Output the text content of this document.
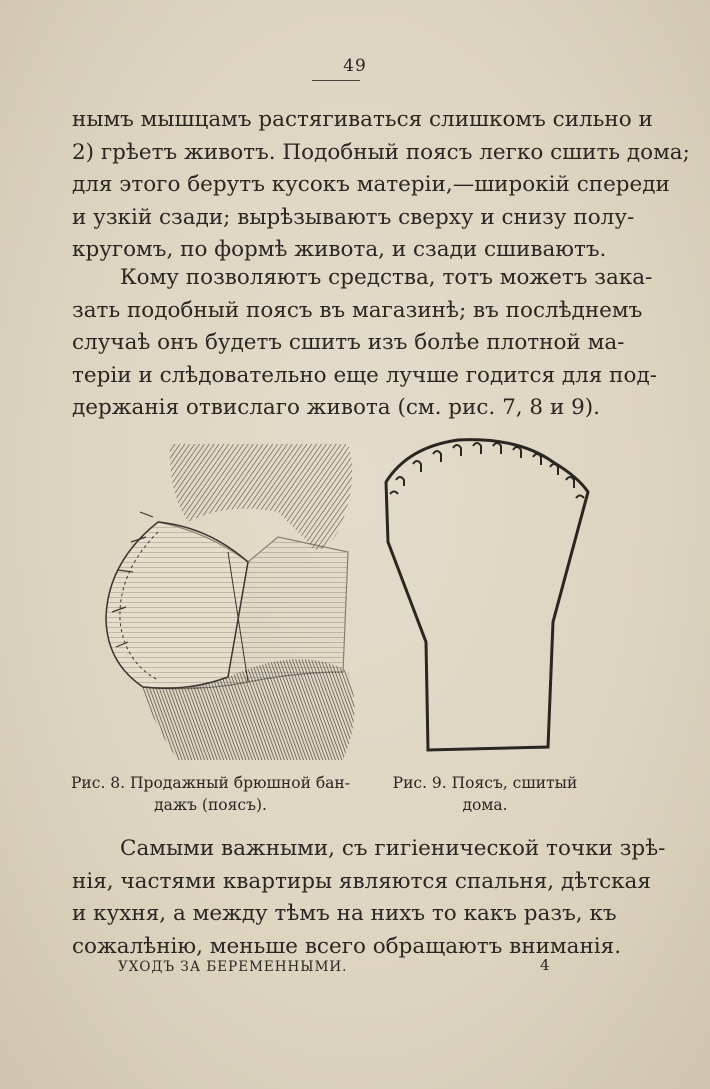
49
нымъ мышцамъ растягиваться слишкомъ сильно и
2) грѣетъ животъ. Подобный поясъ легко сшить дома;
для этого берутъ кусокъ матеріи,—широкій спереди
и узкій сзади; вырѣзываютъ сверху и снизу полу-
кругомъ, по формѣ живота, и сзади сшиваютъ.
Кому позволяютъ средства, тотъ можетъ зака-
зать подобный поясъ въ магазинѣ; въ послѣднемъ
случаѣ онъ будетъ сшитъ изъ болѣе плотной ма-
теріи и слѣдовательно еще лучше годится для под-
держанія отвислаго живота (см. рис. 7, 8 и 9).
Рис. 8. Продажный брюшной бан-
дажъ (поясъ).
Рис. 9. Поясъ, сшитый
дома.
Самыми важными, съ гигіенической точки зрѣ-
нія, частями квартиры являются спальня, дѣтская
и кухня, а между тѣмъ на нихъ то какъ разъ, къ
сожалѣнію, меньше всего обращаютъ вниманія.
УХОДЪ ЗА БЕРЕМЕННЫМИ.	4
